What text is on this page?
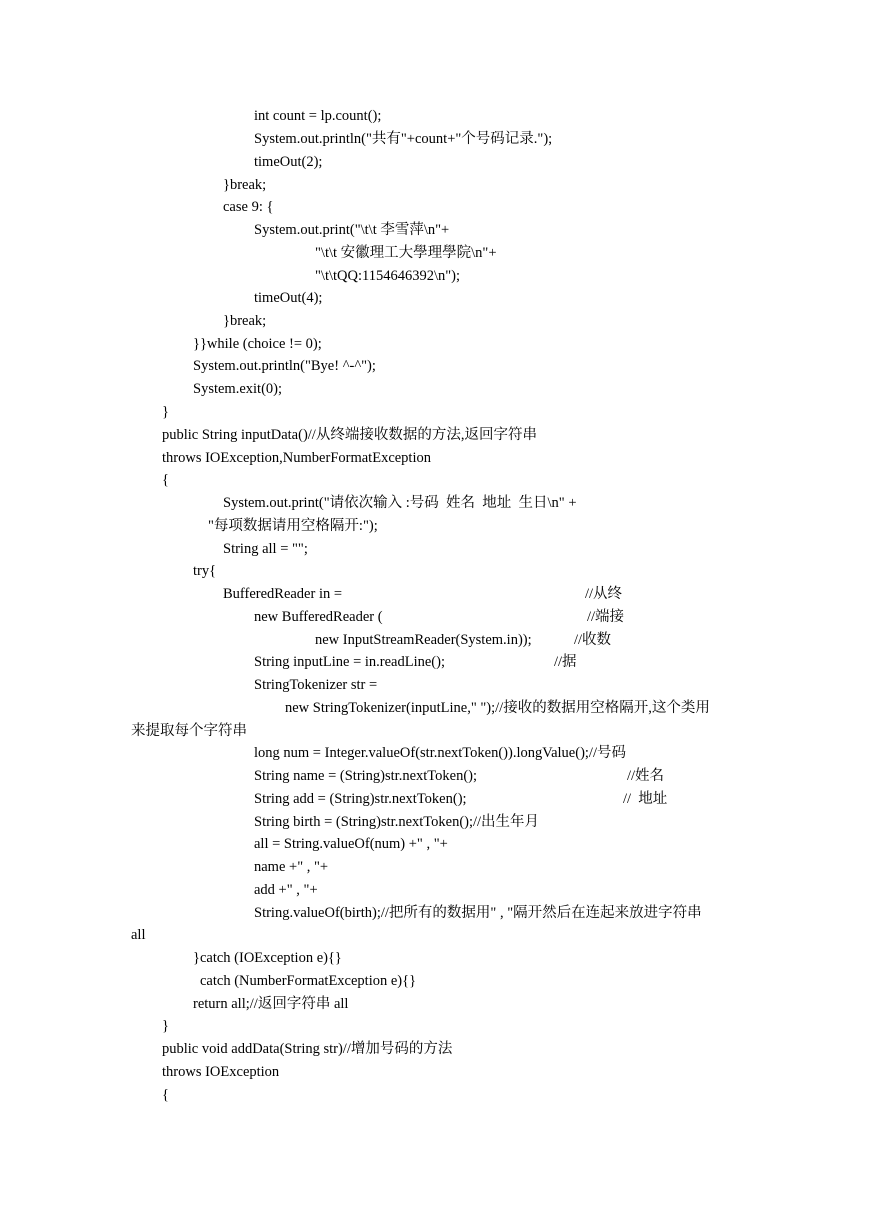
int count = lp.count();
System.out.println("共有"+count+"个号码记录.");
timeOut(2);
}break;
case 9: {
System.out.print("\t\t 李雪萍\n"+
"\t\t 安徽理工大學理學院\n"+
"\t\tQQ:1154646392\n");
timeOut(4);
}break;
}}while (choice != 0);
System.out.println("Bye! ^-^");
System.exit(0);
}
public String inputData()//从终端接收数据的方法,返回字符串
throws IOException,NumberFormatException
{
System.out.print("请依次输入 :号码  姓名  地址  生日\n" +
"每项数据请用空格隔开:");
String all = "";
try{
BufferedReader in =
new BufferedReader (
new InputStreamReader(System.in));
String inputLine = in.readLine();
StringTokenizer str =
new StringTokenizer(inputLine," ");//接收的数据用空格隔开,这个类用
来提取每个字符串
long num = Integer.valueOf(str.nextToken()).longValue();//号码
String name = (String)str.nextToken();
String add = (String)str.nextToken();
String birth = (String)str.nextToken();//出生年月
all = String.valueOf(num) +" , "+
name +" , "+
add +" , "+
String.valueOf(birth);//把所有的数据用" , "隔开然后在连起来放进字符串
all
}catch (IOException e){}
catch (NumberFormatException e){}
return all;//返回字符串 all
}
public void addData(String str)//增加号码的方法
throws IOException
{
//从终
//端接
//收数
//据
//姓名
//  地址
